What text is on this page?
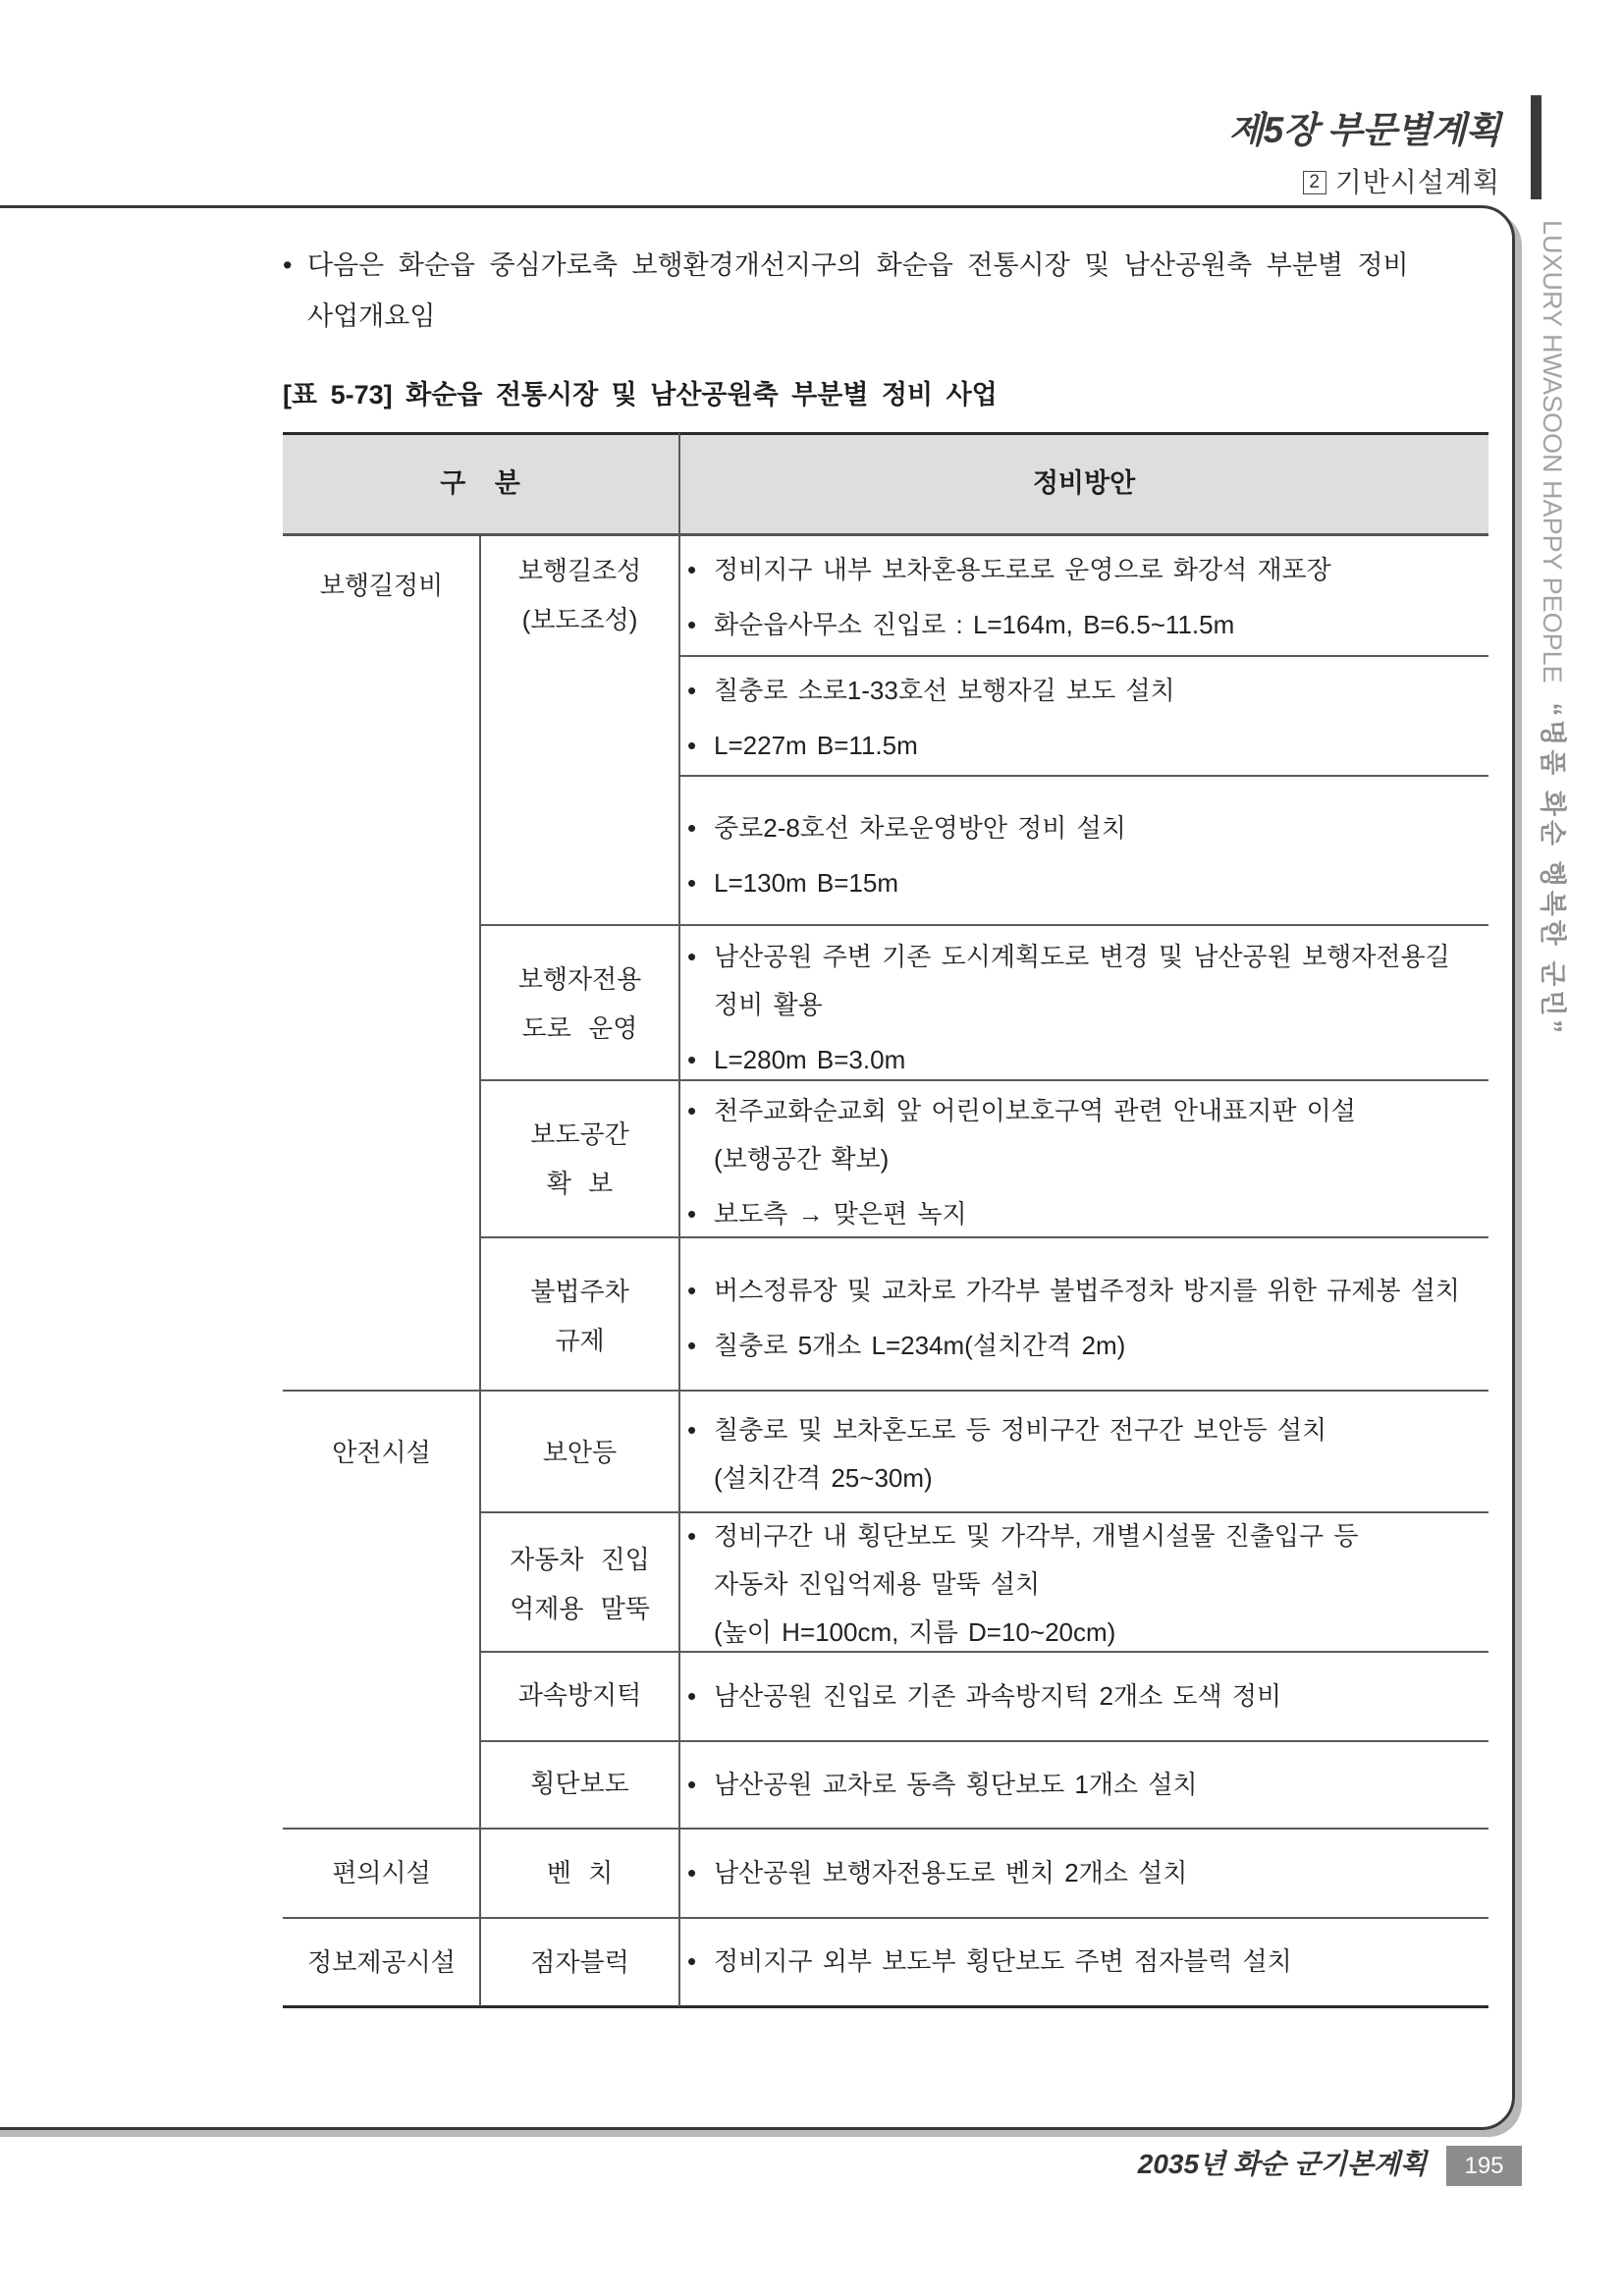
제5장 부문별계획
2 기반시설계획
LUXURY HWASOON HAPPY PEOPLE“명품 화순 행복한 군민”
• 다음은 화순읍 중심가로축 보행환경개선지구의 화순읍 전통시장 및 남산공원축 부분별 정비
사업개요임
[표 5-73] 화순읍 전통시장 및 남산공원축 부분별 정비 사업
구 분	정비방안
보행길정비
안전시설
편의시설
정보제공시설
보행길조성
(보도조성)
보행자전용
도로 운영
보도공간
확 보
불법주차
규제
보안등
자동차 진입
억제용 말뚝
과속방지턱
횡단보도
벤 치
점자블럭
• 정비지구 내부 보차혼용도로로 운영으로 화강석 재포장
• 화순읍사무소 진입로 : L=164m, B=6.5~11.5m
• 칠충로 소로1-33호선 보행자길 보도 설치
• L=227m B=11.5m
• 중로2-8호선 차로운영방안 정비 설치
• L=130m B=15m
• 남산공원 주변 기존 도시계획도로 변경 및 남산공원 보행자전용길
정비 활용
• L=280m B=3.0m
• 천주교화순교회 앞 어린이보호구역 관련 안내표지판 이설
(보행공간 확보)
• 보도측 → 맞은편 녹지
• 버스정류장 및 교차로 가각부 불법주정차 방지를 위한 규제봉 설치
• 칠충로 5개소 L=234m(설치간격 2m)
• 칠충로 및 보차혼도로 등 정비구간 전구간 보안등 설치
(설치간격 25~30m)
• 정비구간 내 횡단보도 및 가각부, 개별시설물 진출입구 등
자동차 진입억제용 말뚝 설치
(높이 H=100cm, 지름 D=10~20cm)
• 남산공원 진입로 기존 과속방지턱 2개소 도색 정비
• 남산공원 교차로 동측 횡단보도 1개소 설치
• 남산공원 보행자전용도로 벤치 2개소 설치
• 정비지구 외부 보도부 횡단보도 주변 점자블럭 설치
2035년 화순 군기본계획	195
